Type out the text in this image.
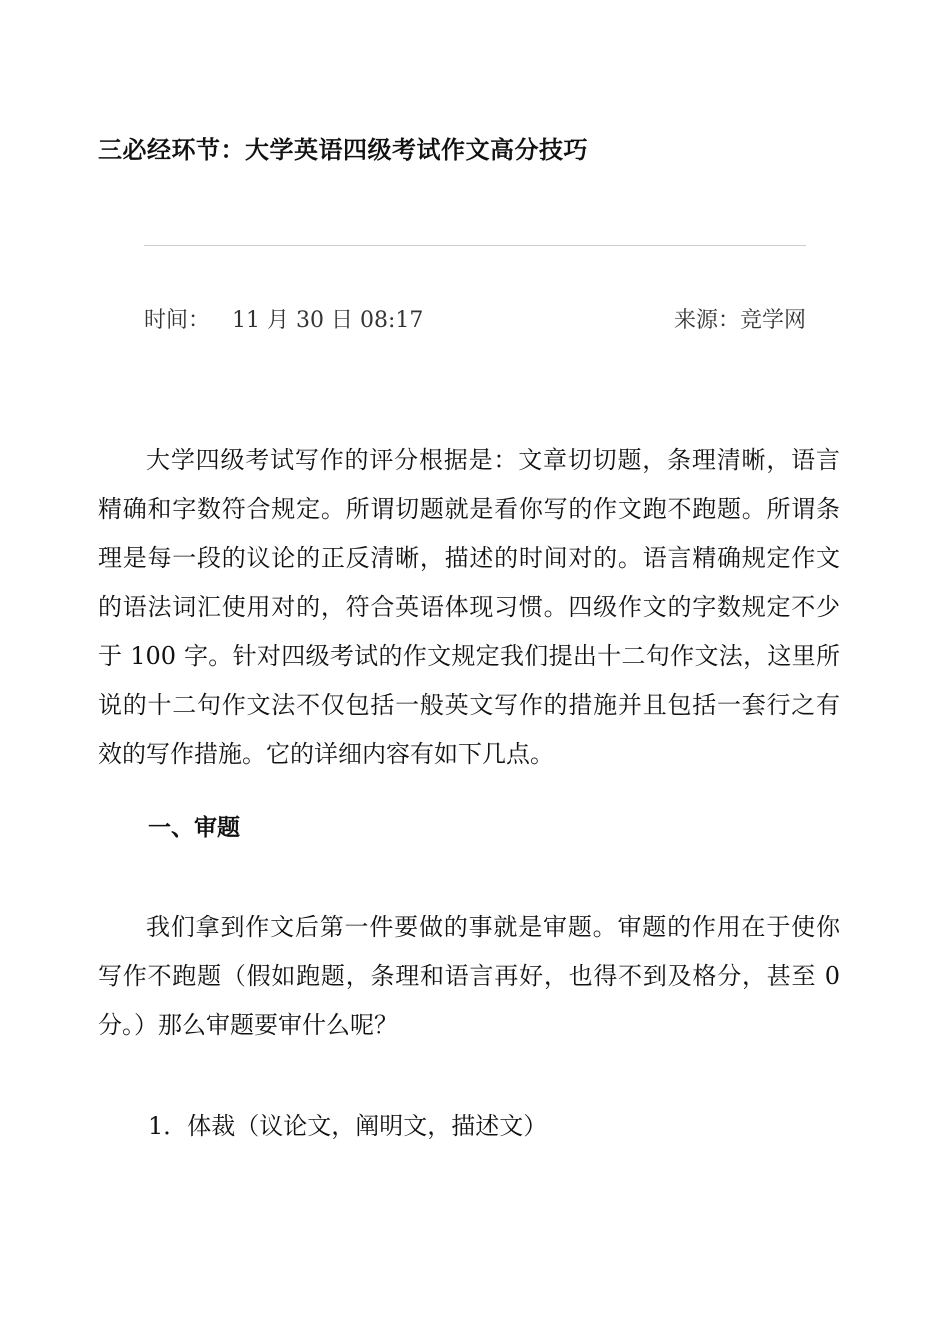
三必经环节：大学英语四级考试作文高分技巧
时间： 11 月 30 日 08:17	来源：竞学网

大学四级考试写作的评分根据是：文章切切题，条理清晰，语言精确和字数符合规定。所谓切题就是看你写的作文跑不跑题。所谓条理是每一段的议论的正反清晰，描述的时间对的。语言精确规定作文的语法词汇使用对的，符合英语体现习惯。四级作文的字数规定不少于 100 字。针对四级考试的作文规定我们提出十二句作文法，这里所说的十二句作文法不仅包括一般英文写作的措施并且包括一套行之有效的写作措施。它的详细内容有如下几点。

一、审题

我们拿到作文后第一件要做的事就是审题。审题的作用在于使你写作不跑题（假如跑题，条理和语言再好，也得不到及格分，甚至 0 分。）那么审题要审什么呢？

1．体裁（议论文，阐明文，描述文）
